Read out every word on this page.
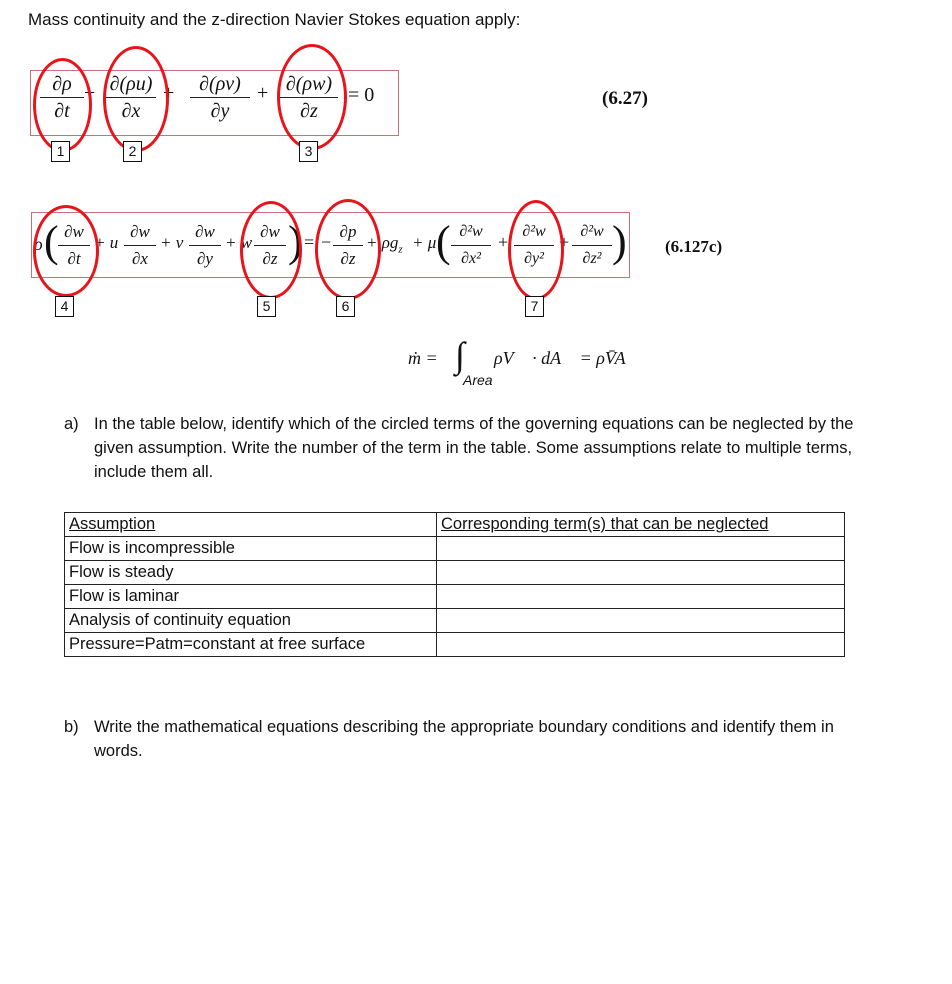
Mass continuity and the z-direction Navier Stokes equation apply:
∂ρ
∂t
+ ∂(ρu)
∂x
+	∂(ρv)
∂y
+ ∂(ρw)
∂z
= 0
1	2	3
(6.27)
ρ ( ∂w
∂t
+ u
∂w
∂x
+ v
∂w
∂y
+ w
∂w
∂z ) = −
∂p
∂z
+ $\rho g_z + \mu$ ( ∂²w
∂x²
+
∂²w
∂y²
+
∂²w
∂z² )
4	5	6	7
(6.127c)
ṁ = ∫
Area
ρV⃗ · dA⃗ = ρV̄A
a) In the table below, identify which of the circled terms of the governing equations can be neglected by the given assumption. Write the number of the term in the table. Some assumptions relate to multiple terms, include them all.
Assumption	Corresponding term(s) that can be neglected
Flow is incompressible	
Flow is steady	
Flow is laminar	
Analysis of continuity equation	
Pressure=Patm=constant at free surface	
b) Write the mathematical equations describing the appropriate boundary conditions and identify them in words.
